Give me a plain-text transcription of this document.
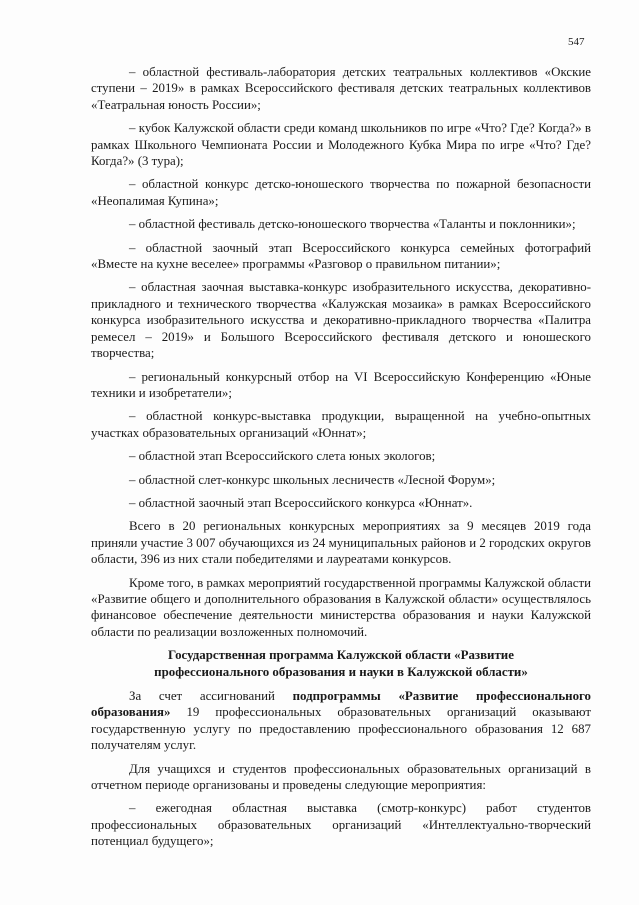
547

– областной фестиваль-лаборатория детских театральных коллективов «Окские ступени – 2019» в рамках Всероссийского фестиваля детских театральных коллективов «Театральная юность России»;

– кубок Калужской области среди команд школьников по игре «Что? Где? Когда?» в рамках Школьного Чемпионата России и Молодежного Кубка Мира по игре «Что? Где? Когда?» (3 тура);

– областной конкурс детско-юношеского творчества по пожарной безопасности «Неопалимая Купина»;

– областной фестиваль детско-юношеского творчества «Таланты и поклонники»;

– областной заочный этап Всероссийского конкурса семейных фотографий «Вместе на кухне веселее» программы «Разговор о правильном питании»;

– областная заочная выставка-конкурс изобразительного искусства, декоративно-прикладного и технического творчества «Калужская мозаика» в рамках Всероссийского конкурса изобразительного искусства и декоративно-прикладного творчества «Палитра ремесел – 2019» и Большого Всероссийского фестиваля детского и юношеского творчества;

– региональный конкурсный отбор на VI Всероссийскую Конференцию «Юные техники и изобретатели»;

– областной конкурс-выставка продукции, выращенной на учебно-опытных участках образовательных организаций «Юннат»;

– областной этап Всероссийского слета юных экологов;

– областной слет-конкурс школьных лесничеств «Лесной Форум»;

– областной заочный этап Всероссийского конкурса «Юннат».

Всего в 20 региональных конкурсных мероприятиях за 9 месяцев 2019 года приняли участие 3 007 обучающихся из 24 муниципальных районов и 2 городских округов области, 396 из них стали победителями и лауреатами конкурсов.

Кроме того, в рамках мероприятий государственной программы Калужской области «Развитие общего и дополнительного образования в Калужской области» осуществлялось финансовое обеспечение деятельности министерства образования и науки Калужской области по реализации возложенных полномочий.

Государственная программа Калужской области «Развитие
профессионального образования и науки в Калужской области»

За счет ассигнований подпрограммы «Развитие профессионального образования» 19 профессиональных образовательных организаций оказывают государственную услугу по предоставлению профессионального образования 12 687 получателям услуг.

Для учащихся и студентов профессиональных образовательных организаций в отчетном периоде организованы и проведены следующие мероприятия:

– ежегодная областная выставка (смотр-конкурс) работ студентов профессиональных образовательных организаций «Интеллектуально-творческий потенциал будущего»;
